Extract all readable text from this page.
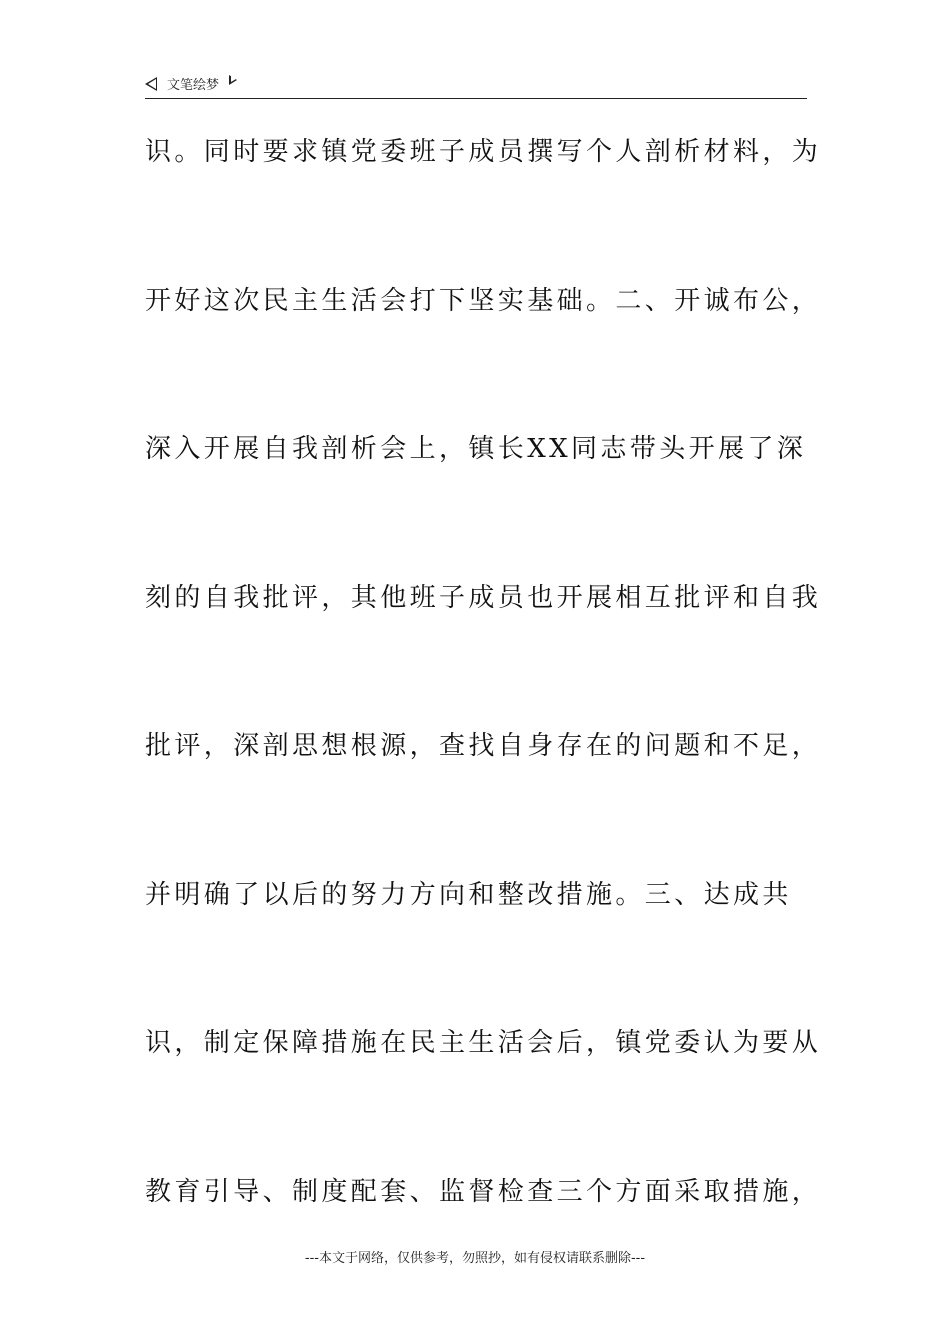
文笔绘梦
识。同时要求镇党委班子成员撰写个人剖析材料，为
开好这次民主生活会打下坚实基础。二、开诚布公，
深入开展自我剖析会上，镇长XX同志带头开展了深
刻的自我批评，其他班子成员也开展相互批评和自我
批评，深剖思想根源，查找自身存在的问题和不足，
并明确了以后的努力方向和整改措施。三、达成共
识，制定保障措施在民主生活会后，镇党委认为要从
教育引导、制度配套、监督检查三个方面采取措施，
---本文于网络，仅供参考，勿照抄，如有侵权请联系删除---
